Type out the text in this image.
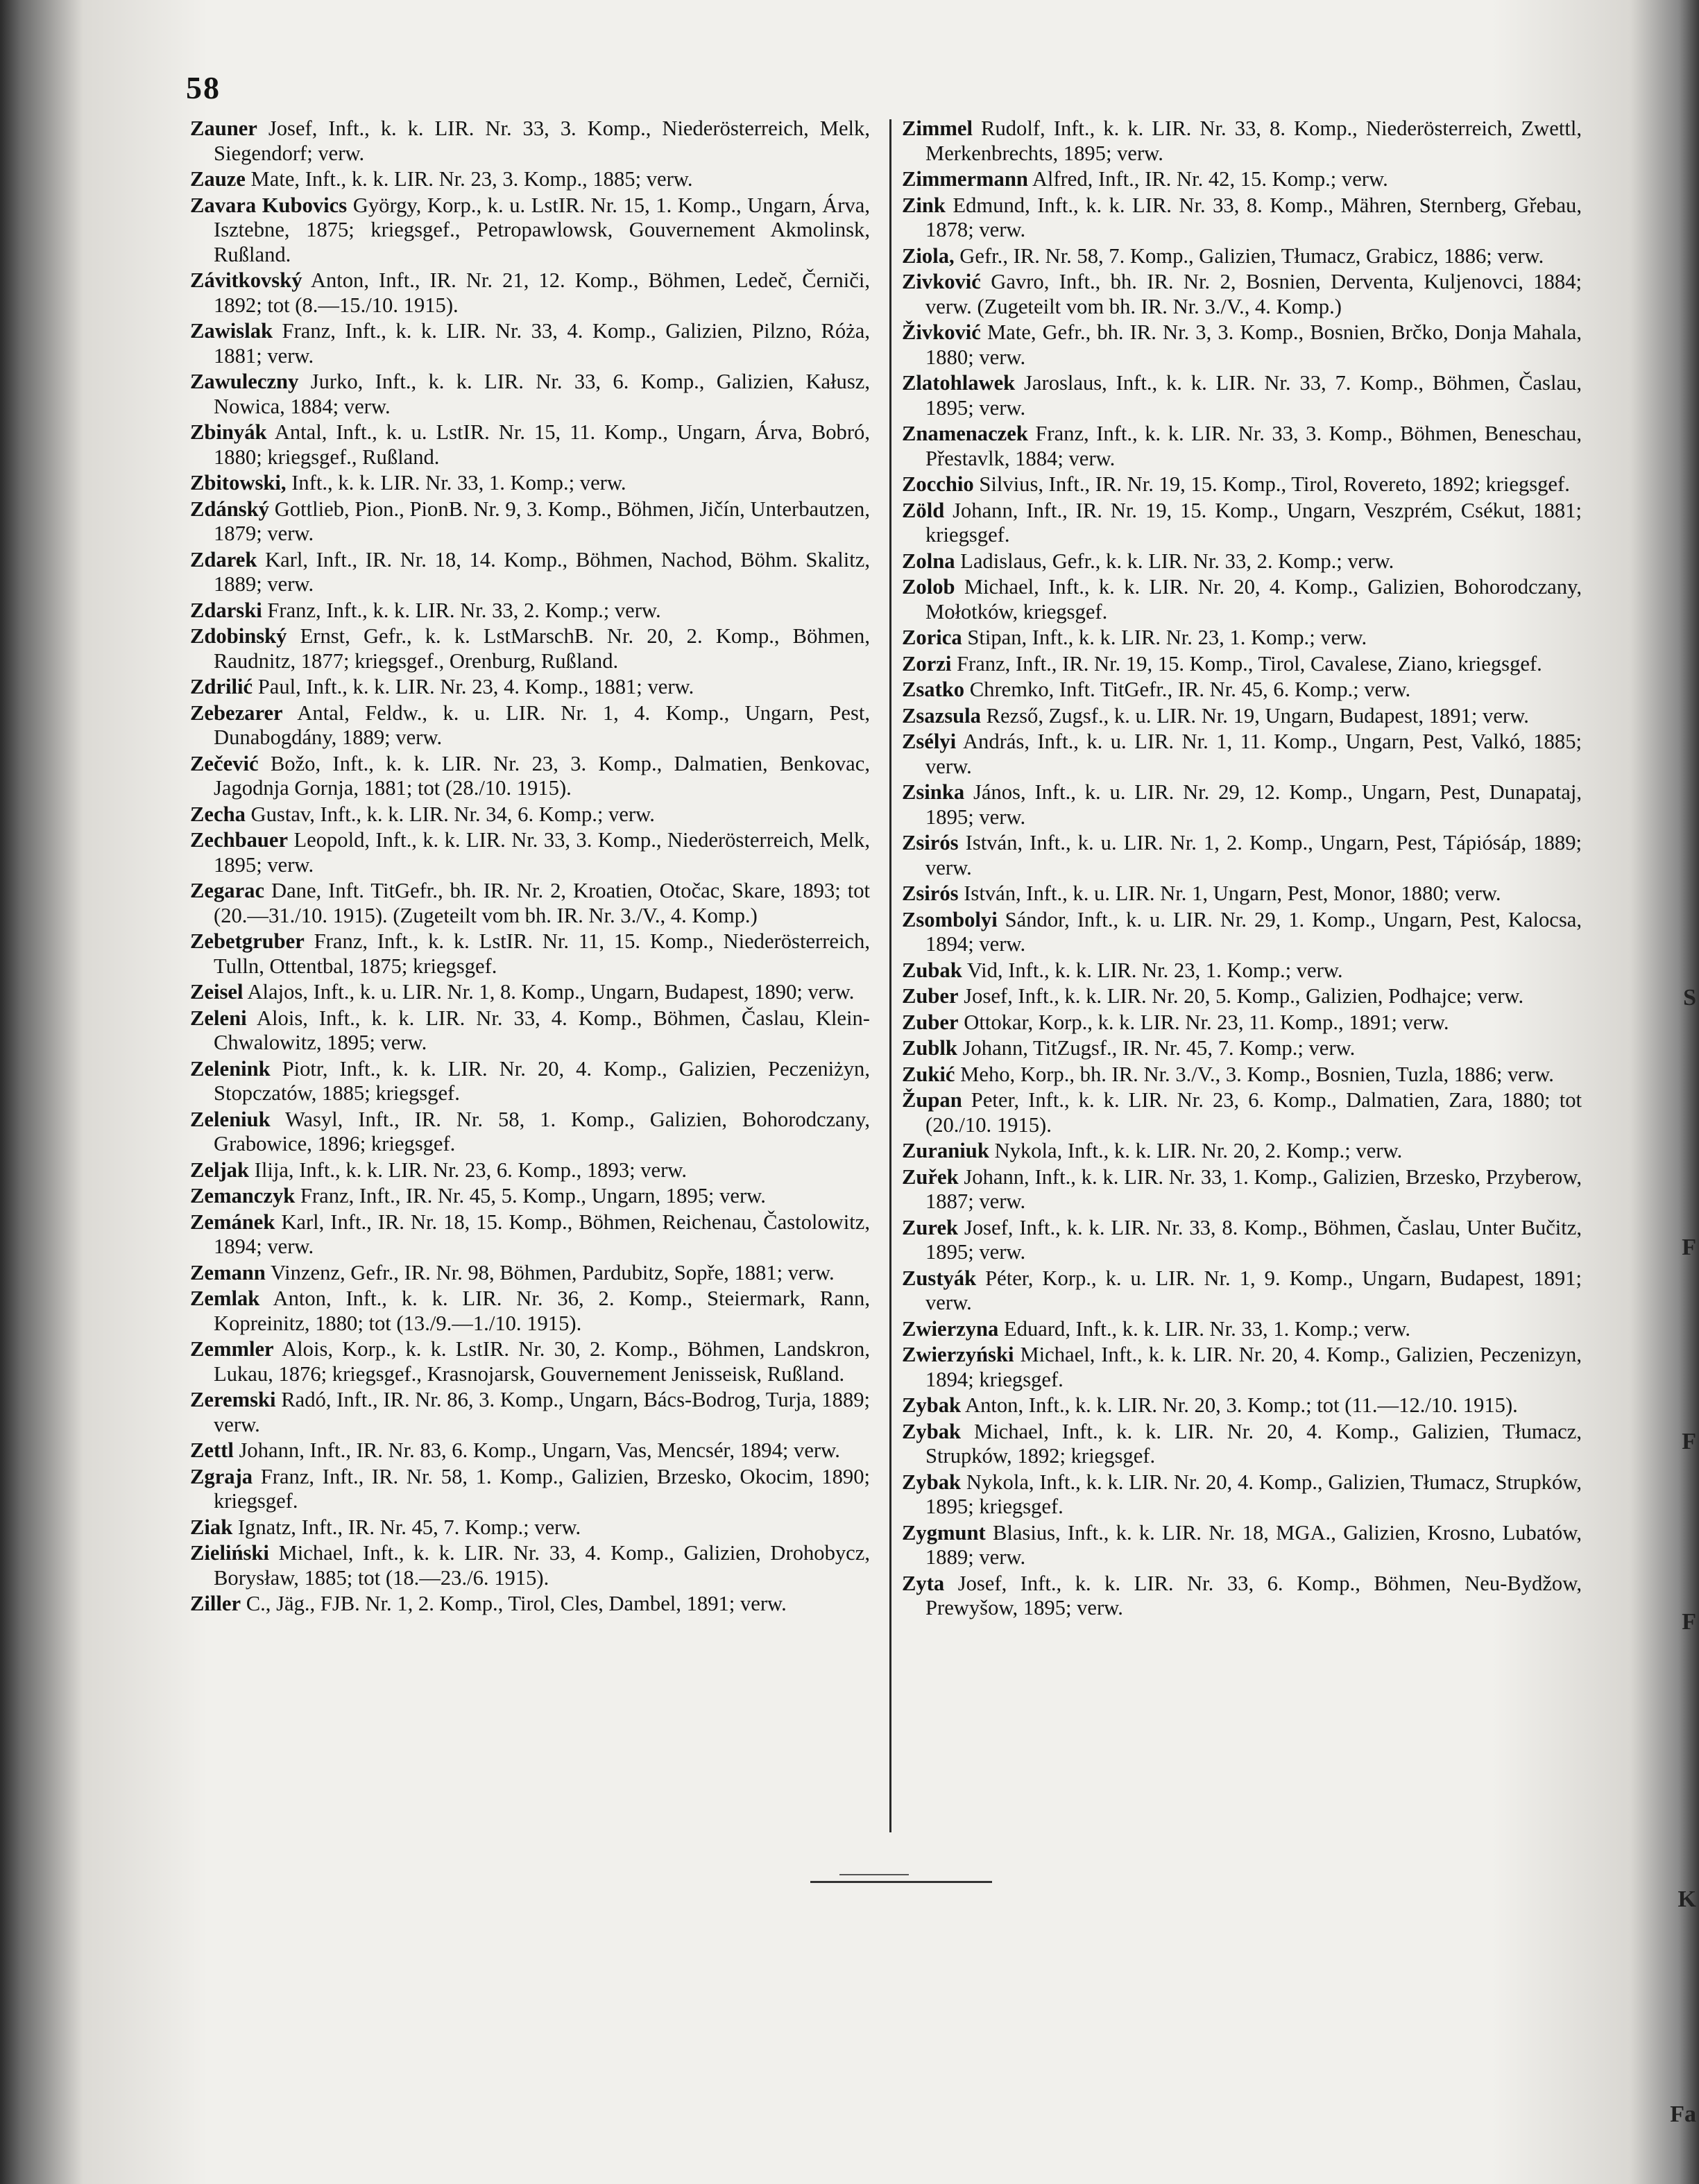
58

Zauner Josef, Inft., k. k. LIR. Nr. 33, 3. Komp., Niederösterreich, Melk, Siegendorf; verw.

Zauze Mate, Inft., k. k. LIR. Nr. 23, 3. Komp., 1885; verw.

Zavara Kubovics György, Korp., k. u. LstIR. Nr. 15, 1. Komp., Ungarn, Árva, Isztebne, 1875; kriegsgef., Petropawlowsk, Gouvernement Akmolinsk, Rußland.

Závitkovský Anton, Inft., IR. Nr. 21, 12. Komp., Böhmen, Ledeč, Černiči, 1892; tot (8.—15./10. 1915).

Zawislak Franz, Inft., k. k. LIR. Nr. 33, 4. Komp., Galizien, Pilzno, Róża, 1881; verw.

Zawuleczny Jurko, Inft., k. k. LIR. Nr. 33, 6. Komp., Galizien, Kałusz, Nowica, 1884; verw.

Zbinyák Antal, Inft., k. u. LstIR. Nr. 15, 11. Komp., Ungarn, Árva, Bobró, 1880; kriegsgef., Rußland.

Zbitowski, Inft., k. k. LIR. Nr. 33, 1. Komp.; verw.

Zdánský Gottlieb, Pion., PionB. Nr. 9, 3. Komp., Böhmen, Jičín, Unterbautzen, 1879; verw.

Zdarek Karl, Inft., IR. Nr. 18, 14. Komp., Böhmen, Nachod, Böhm. Skalitz, 1889; verw.

Zdarski Franz, Inft., k. k. LIR. Nr. 33, 2. Komp.; verw.

Zdobinský Ernst, Gefr., k. k. LstMarschB. Nr. 20, 2. Komp., Böhmen, Raudnitz, 1877; kriegsgef., Orenburg, Rußland.

Zdrilić Paul, Inft., k. k. LIR. Nr. 23, 4. Komp., 1881; verw.

Zebezarer Antal, Feldw., k. u. LIR. Nr. 1, 4. Komp., Ungarn, Pest, Dunabogdány, 1889; verw.

Zečević Božo, Inft., k. k. LIR. Nr. 23, 3. Komp., Dalmatien, Benkovac, Jagodnja Gornja, 1881; tot (28./10. 1915).

Zecha Gustav, Inft., k. k. LIR. Nr. 34, 6. Komp.; verw.

Zechbauer Leopold, Inft., k. k. LIR. Nr. 33, 3. Komp., Niederösterreich, Melk, 1895; verw.

Zegarac Dane, Inft. TitGefr., bh. IR. Nr. 2, Kroatien, Otočac, Skare, 1893; tot (20.—31./10. 1915). (Zugeteilt vom bh. IR. Nr. 3./V., 4. Komp.)

Zebetgruber Franz, Inft., k. k. LstIR. Nr. 11, 15. Komp., Niederösterreich, Tulln, Ottentbal, 1875; kriegsgef.

Zeisel Alajos, Inft., k. u. LIR. Nr. 1, 8. Komp., Ungarn, Budapest, 1890; verw.

Zeleni Alois, Inft., k. k. LIR. Nr. 33, 4. Komp., Böhmen, Časlau, Klein-Chwalowitz, 1895; verw.

Zelenink Piotr, Inft., k. k. LIR. Nr. 20, 4. Komp., Galizien, Peczeniżyn, Stopczatów, 1885; kriegsgef.

Zeleniuk Wasyl, Inft., IR. Nr. 58, 1. Komp., Galizien, Bohorodczany, Grabowice, 1896; kriegsgef.

Zeljak Ilija, Inft., k. k. LIR. Nr. 23, 6. Komp., 1893; verw.

Zemanczyk Franz, Inft., IR. Nr. 45, 5. Komp., Ungarn, 1895; verw.

Zemánek Karl, Inft., IR. Nr. 18, 15. Komp., Böhmen, Reichenau, Častolowitz, 1894; verw.

Zemann Vinzenz, Gefr., IR. Nr. 98, Böhmen, Pardubitz, Sopře, 1881; verw.

Zemlak Anton, Inft., k. k. LIR. Nr. 36, 2. Komp., Steiermark, Rann, Kopreinitz, 1880; tot (13./9.—1./10. 1915).

Zemmler Alois, Korp., k. k. LstIR. Nr. 30, 2. Komp., Böhmen, Landskron, Lukau, 1876; kriegsgef., Krasnojarsk, Gouvernement Jenisseisk, Rußland.

Zeremski Radó, Inft., IR. Nr. 86, 3. Komp., Ungarn, Bács-Bodrog, Turja, 1889; verw.

Zettl Johann, Inft., IR. Nr. 83, 6. Komp., Ungarn, Vas, Mencsér, 1894; verw.

Zgraja Franz, Inft., IR. Nr. 58, 1. Komp., Galizien, Brzesko, Okocim, 1890; kriegsgef.

Ziak Ignatz, Inft., IR. Nr. 45, 7. Komp.; verw.

Zieliński Michael, Inft., k. k. LIR. Nr. 33, 4. Komp., Galizien, Drohobycz, Borysław, 1885; tot (18.—23./6. 1915).

Ziller C., Jäg., FJB. Nr. 1, 2. Komp., Tirol, Cles, Dambel, 1891; verw.

Zimmel Rudolf, Inft., k. k. LIR. Nr. 33, 8. Komp., Niederösterreich, Zwettl, Merkenbrechts, 1895; verw.

Zimmermann Alfred, Inft., IR. Nr. 42, 15. Komp.; verw.

Zink Edmund, Inft., k. k. LIR. Nr. 33, 8. Komp., Mähren, Sternberg, Gřebau, 1878; verw.

Ziola, Gefr., IR. Nr. 58, 7. Komp., Galizien, Tłumacz, Grabicz, 1886; verw.

Zivković Gavro, Inft., bh. IR. Nr. 2, Bosnien, Derventa, Kuljenovci, 1884; verw. (Zugeteilt vom bh. IR. Nr. 3./V., 4. Komp.)

Živković Mate, Gefr., bh. IR. Nr. 3, 3. Komp., Bosnien, Brčko, Donja Mahala, 1880; verw.

Zlatohlawek Jaroslaus, Inft., k. k. LIR. Nr. 33, 7. Komp., Böhmen, Časlau, 1895; verw.

Znamenaczek Franz, Inft., k. k. LIR. Nr. 33, 3. Komp., Böhmen, Beneschau, Přestavlk, 1884; verw.

Zocchio Silvius, Inft., IR. Nr. 19, 15. Komp., Tirol, Rovereto, 1892; kriegsgef.

Zöld Johann, Inft., IR. Nr. 19, 15. Komp., Ungarn, Veszprém, Csékut, 1881; kriegsgef.

Zolna Ladislaus, Gefr., k. k. LIR. Nr. 33, 2. Komp.; verw.

Zolob Michael, Inft., k. k. LIR. Nr. 20, 4. Komp., Galizien, Bohorodczany, Mołotków, kriegsgef.

Zorica Stipan, Inft., k. k. LIR. Nr. 23, 1. Komp.; verw.

Zorzi Franz, Inft., IR. Nr. 19, 15. Komp., Tirol, Cavalese, Ziano, kriegsgef.

Zsatko Chremko, Inft. TitGefr., IR. Nr. 45, 6. Komp.; verw.

Zsazsula Rezső, Zugsf., k. u. LIR. Nr. 19, Ungarn, Budapest, 1891; verw.

Zsélyi András, Inft., k. u. LIR. Nr. 1, 11. Komp., Ungarn, Pest, Valkó, 1885; verw.

Zsinka János, Inft., k. u. LIR. Nr. 29, 12. Komp., Ungarn, Pest, Dunapataj, 1895; verw.

Zsirós István, Inft., k. u. LIR. Nr. 1, 2. Komp., Ungarn, Pest, Tápiósáp, 1889; verw.

Zsirós István, Inft., k. u. LIR. Nr. 1, Ungarn, Pest, Monor, 1880; verw.

Zsombolyi Sándor, Inft., k. u. LIR. Nr. 29, 1. Komp., Ungarn, Pest, Kalocsa, 1894; verw.

Zubak Vid, Inft., k. k. LIR. Nr. 23, 1. Komp.; verw.

Zuber Josef, Inft., k. k. LIR. Nr. 20, 5. Komp., Galizien, Podhajce; verw.

Zuber Ottokar, Korp., k. k. LIR. Nr. 23, 11. Komp., 1891; verw.

Zublk Johann, TitZugsf., IR. Nr. 45, 7. Komp.; verw.

Zukić Meho, Korp., bh. IR. Nr. 3./V., 3. Komp., Bosnien, Tuzla, 1886; verw.

Župan Peter, Inft., k. k. LIR. Nr. 23, 6. Komp., Dalmatien, Zara, 1880; tot (20./10. 1915).

Zuraniuk Nykola, Inft., k. k. LIR. Nr. 20, 2. Komp.; verw.

Zuřek Johann, Inft., k. k. LIR. Nr. 33, 1. Komp., Galizien, Brzesko, Przyberow, 1887; verw.

Zurek Josef, Inft., k. k. LIR. Nr. 33, 8. Komp., Böhmen, Časlau, Unter Bučitz, 1895; verw.

Zustyák Péter, Korp., k. u. LIR. Nr. 1, 9. Komp., Ungarn, Budapest, 1891; verw.

Zwierzyna Eduard, Inft., k. k. LIR. Nr. 33, 1. Komp.; verw.

Zwierzyński Michael, Inft., k. k. LIR. Nr. 20, 4. Komp., Galizien, Peczenizyn, 1894; kriegsgef.

Zybak Anton, Inft., k. k. LIR. Nr. 20, 3. Komp.; tot (11.—12./10. 1915).

Zybak Michael, Inft., k. k. LIR. Nr. 20, 4. Komp., Galizien, Tłumacz, Strupków, 1892; kriegsgef.

Zybak Nykola, Inft., k. k. LIR. Nr. 20, 4. Komp., Galizien, Tłumacz, Strupków, 1895; kriegsgef.

Zygmunt Blasius, Inft., k. k. LIR. Nr. 18, MGA., Galizien, Krosno, Lubatów, 1889; verw.

Zyta Josef, Inft., k. k. LIR. Nr. 33, 6. Komp., Böhmen, Neu-Bydžow, Prewyšow, 1895; verw.

S
F
F
F
K
Fa
